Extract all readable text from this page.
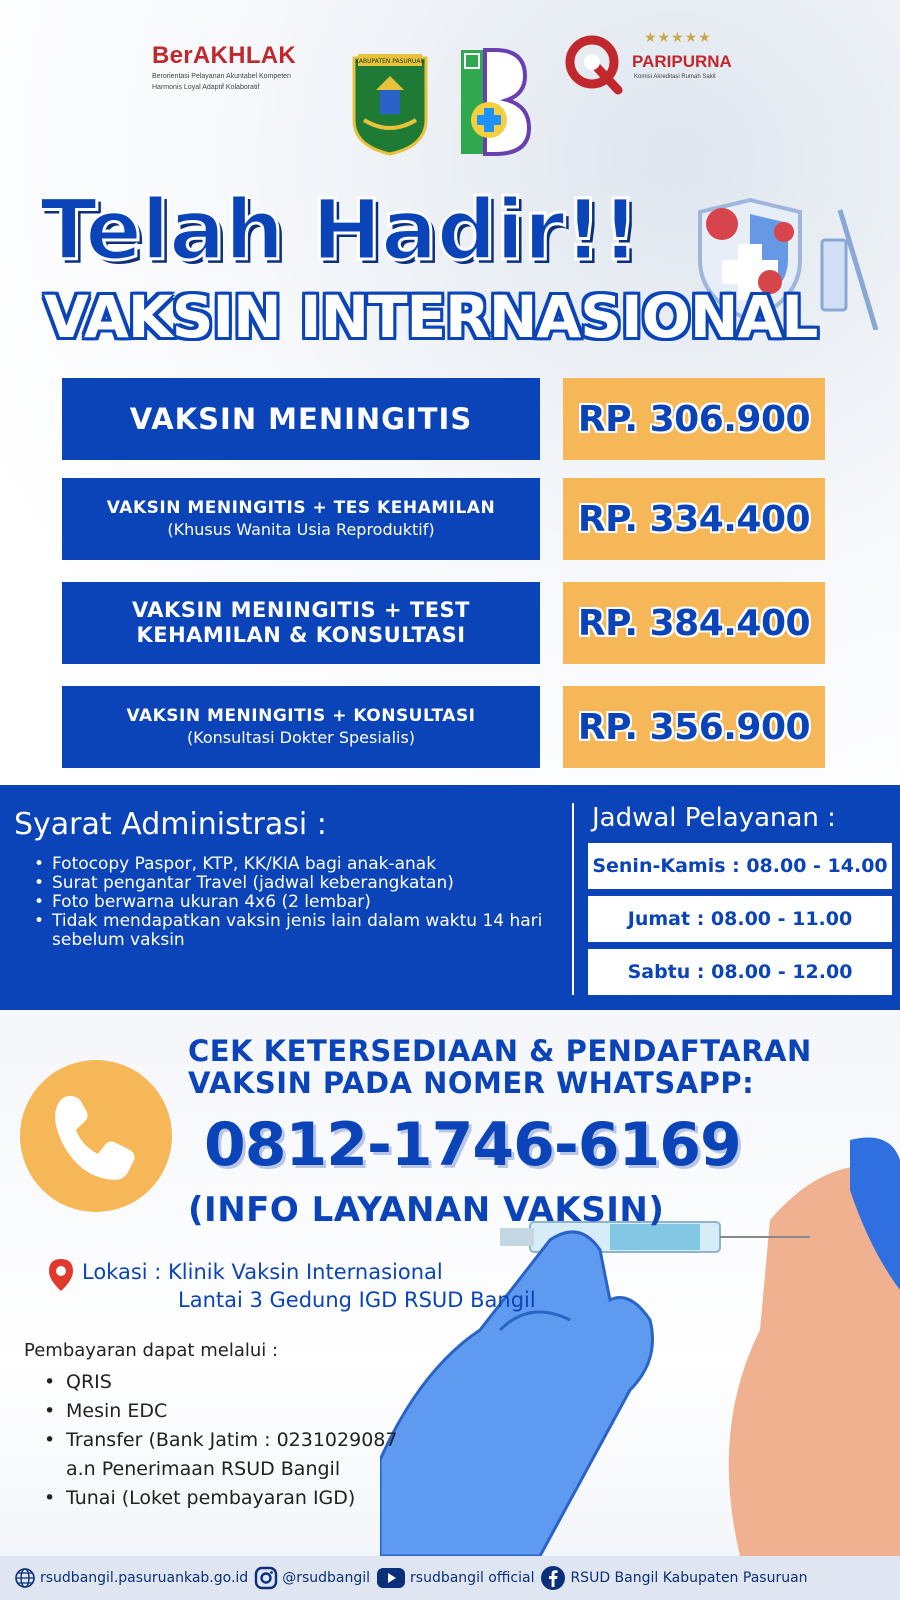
BerAKHLAK
Berorientasi Pelayanan Akuntabel Kompeten
Harmonis Loyal Adaptif Kolaboratif
KABUPATEN PASURUAN
★★★★★
PARIPURNA
Komisi Akreditasi Rumah Sakit
Telah Hadir!!
VAKSIN INTERNASIONAL
VAKSIN MENINGITIS	RP. 306.900
VAKSIN MENINGITIS + TES KEHAMILAN
(Khusus Wanita Usia Reproduktif)	RP. 334.400
VAKSIN MENINGITIS + TEST
KEHAMILAN & KONSULTASI	RP. 384.400
VAKSIN MENINGITIS + KONSULTASI
(Konsultasi Dokter Spesialis)	RP. 356.900
Syarat Administrasi :
• Fotocopy Paspor, KTP, KK/KIA bagi anak-anak
• Surat pengantar Travel (jadwal keberangkatan)
• Foto berwarna ukuran 4x6 (2 lembar)
• Tidak mendapatkan vaksin jenis lain dalam waktu 14 hari sebelum vaksin
Jadwal Pelayanan :
Senin-Kamis : 08.00 - 14.00
Jumat : 08.00 - 11.00
Sabtu : 08.00 - 12.00
CEK KETERSEDIAAN & PENDAFTARAN
VAKSIN PADA NOMER WHATSAPP:
0812-1746-6169
(INFO LAYANAN VAKSIN)
Lokasi : Klinik Vaksin Internasional
Lantai 3 Gedung IGD RSUD Bangil
Pembayaran dapat melalui :
• QRIS
• Mesin EDC
• Transfer (Bank Jatim : 0231029087
a.n Penerimaan RSUD Bangil
• Tunai (Loket pembayaran IGD)
rsudbangil.pasuruankab.go.id @rsudbangil	rsudbangil official	RSUD Bangil Kabupaten Pasuruan
